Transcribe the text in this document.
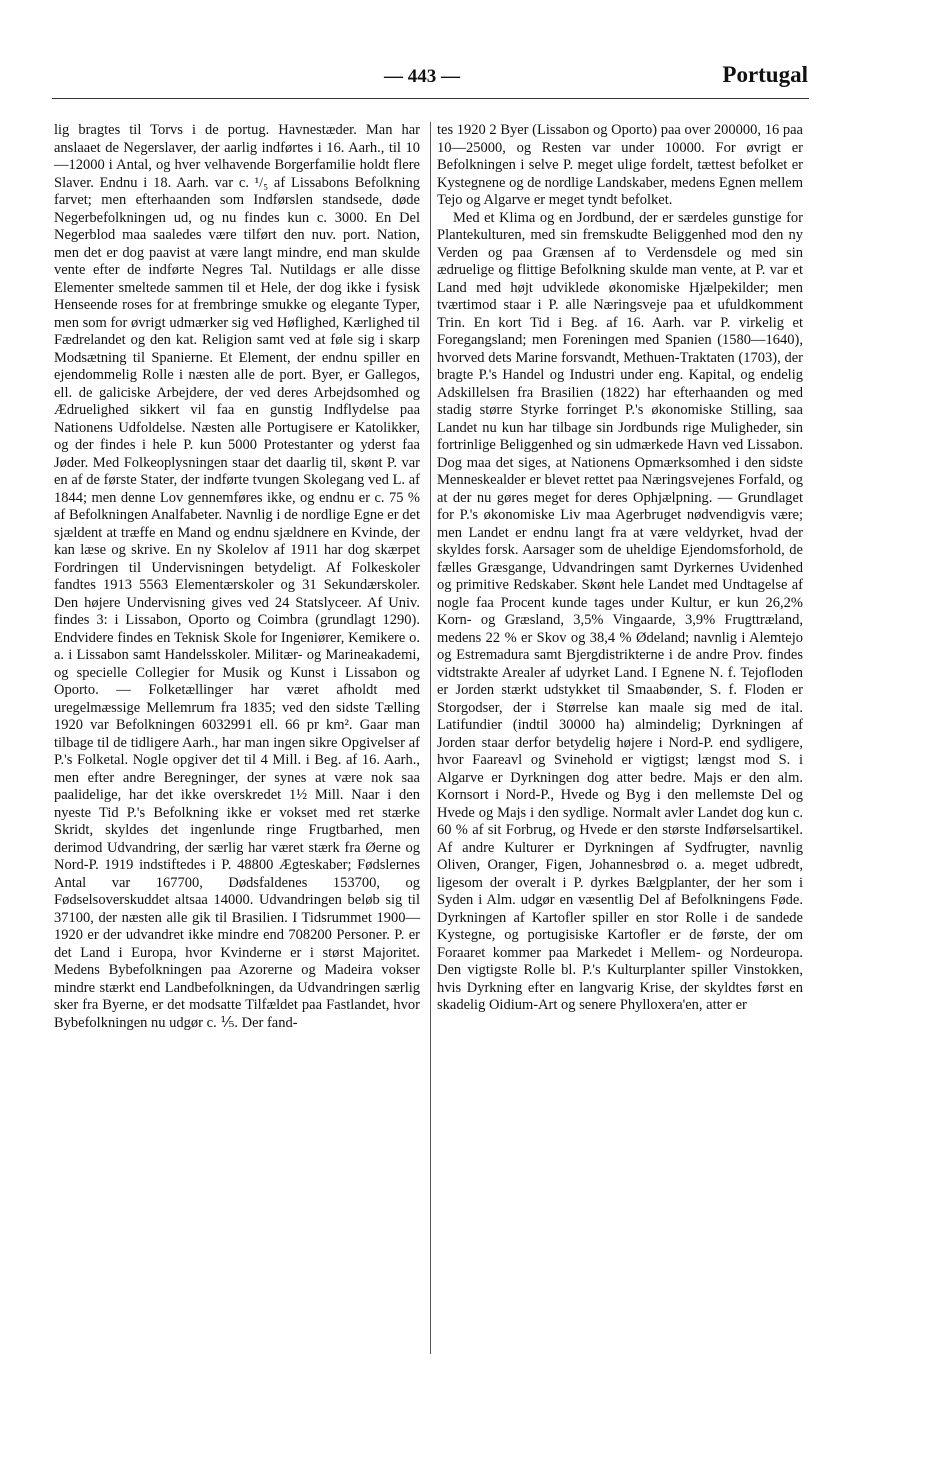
— 443 —	Portugal

lig bragtes til Torvs i de portug. Havnestæder. Man har anslaaet de Negerslaver, der aarlig indførtes i 16. Aarh., til 10—12000 i Antal, og hver velhavende Borgerfamilie holdt flere Slaver. Endnu i 18. Aarh. var c. ¹/₅ af Lissabons Befolkning farvet; men efterhaanden som Indførslen standsede, døde Negerbefolkningen ud, og nu findes kun c. 3000. En Del Negerblod maa saaledes være tilført den nuv. port. Nation, men det er dog paavist at være langt mindre, end man skulde vente efter de indførte Negres Tal. Nutildags er alle disse Elementer smeltede sammen til et Hele, der dog ikke i fysisk Henseende roses for at frembringe smukke og elegante Typer, men som for øvrigt udmærker sig ved Høflighed, Kærlighed til Fædrelandet og den kat. Religion samt ved at føle sig i skarp Modsætning til Spanierne. Et Element, der endnu spiller en ejendommelig Rolle i næsten alle de port. Byer, er Gallegos, ell. de galiciske Arbejdere, der ved deres Arbejdsomhed og Ædruelighed sikkert vil faa en gunstig Indflydelse paa Nationens Udfoldelse. Næsten alle Portugisere er Katolikker, og der findes i hele P. kun 5000 Protestanter og yderst faa Jøder. Med Folkeoplysningen staar det daarlig til, skønt P. var en af de første Stater, der indførte tvungen Skolegang ved L. af 1844; men denne Lov gennemføres ikke, og endnu er c. 75 % af Befolkningen Analfabeter. Navnlig i de nordlige Egne er det sjældent at træffe en Mand og endnu sjældnere en Kvinde, der kan læse og skrive. En ny Skolelov af 1911 har dog skærpet Fordringen til Undervisningen betydeligt. Af Folkeskoler fandtes 1913 5563 Elementærskoler og 31 Sekundærskoler. Den højere Undervisning gives ved 24 Statslyceer. Af Univ. findes 3: i Lissabon, Oporto og Coimbra (grundlagt 1290). Endvidere findes en Teknisk Skole for Ingeniører, Kemikere o. a. i Lissabon samt Handelsskoler. Militær- og Marineakademi, og specielle Collegier for Musik og Kunst i Lissabon og Oporto. — Folketællinger har været afholdt med uregelmæssige Mellemrum fra 1835; ved den sidste Tælling 1920 var Befolkningen 6032991 ell. 66 pr km². Gaar man tilbage til de tidligere Aarh., har man ingen sikre Opgivelser af P.'s Folketal. Nogle opgiver det til 4 Mill. i Beg. af 16. Aarh., men efter andre Beregninger, der synes at være nok saa paalidelige, har det ikke overskredet 1½ Mill. Naar i den nyeste Tid P.'s Befolkning ikke er vokset med ret stærke Skridt, skyldes det ingenlunde ringe Frugtbarhed, men derimod Udvandring, der særlig har været stærk fra Øerne og Nord-P. 1919 indstiftedes i P. 48800 Ægteskaber; Fødslernes Antal var 167700, Dødsfaldenes 153700, og Fødselsoverskuddet altsaa 14000. Udvandringen beløb sig til 37100, der næsten alle gik til Brasilien. I Tidsrummet 1900—1920 er der udvandret ikke mindre end 708200 Personer. P. er det Land i Europa, hvor Kvinderne er i størst Majoritet. Medens Bybefolkningen paa Azorerne og Madeira vokser mindre stærkt end Landbefolkningen, da Udvandringen særlig sker fra Byerne, er det modsatte Tilfældet paa Fastlandet, hvor Bybefolkningen nu udgør c. ⅕. Der fand-

tes 1920 2 Byer (Lissabon og Oporto) paa over 200000, 16 paa 10—25000, og Resten var under 10000. For øvrigt er Befolkningen i selve P. meget ulige fordelt, tættest befolket er Kystegnene og de nordlige Landskaber, medens Egnen mellem Tejo og Algarve er meget tyndt befolket.

Med et Klima og en Jordbund, der er særdeles gunstige for Plantekulturen, med sin fremskudte Beliggenhed mod den ny Verden og paa Grænsen af to Verdensdele og med sin ædruelige og flittige Befolkning skulde man vente, at P. var et Land med højt udviklede økonomiske Hjælpekilder; men tværtimod staar i P. alle Næringsveje paa et ufuldkomment Trin. En kort Tid i Beg. af 16. Aarh. var P. virkelig et Foregangsland; men Foreningen med Spanien (1580—1640), hvorved dets Marine forsvandt, Methuen-Traktaten (1703), der bragte P.'s Handel og Industri under eng. Kapital, og endelig Adskillelsen fra Brasilien (1822) har efterhaanden og med stadig større Styrke forringet P.'s økonomiske Stilling, saa Landet nu kun har tilbage sin Jordbunds rige Muligheder, sin fortrinlige Beliggenhed og sin udmærkede Havn ved Lissabon. Dog maa det siges, at Nationens Opmærksomhed i den sidste Menneskealder er blevet rettet paa Næringsvejenes Forfald, og at der nu gøres meget for deres Ophjælpning. — Grundlaget for P.'s økonomiske Liv maa Agerbruget nødvendigvis være; men Landet er endnu langt fra at være veldyrket, hvad der skyldes forsk. Aarsager som de uheldige Ejendomsforhold, de fælles Græsgange, Udvandringen samt Dyrkernes Uvidenhed og primitive Redskaber. Skønt hele Landet med Undtagelse af nogle faa Procent kunde tages under Kultur, er kun 26,2% Korn- og Græsland, 3,5% Vingaarde, 3,9% Frugttræland, medens 22 % er Skov og 38,4 % Ødeland; navnlig i Alemtejo og Estremadura samt Bjergdistrikterne i de andre Prov. findes vidtstrakte Arealer af udyrket Land. I Egnene N. f. Tejofloden er Jorden stærkt udstykket til Smaabønder, S. f. Floden er Storgodser, der i Størrelse kan maale sig med de ital. Latifundier (indtil 30000 ha) almindelig; Dyrkningen af Jorden staar derfor betydelig højere i Nord-P. end sydligere, hvor Faareavl og Svinehold er vigtigst; længst mod S. i Algarve er Dyrkningen dog atter bedre. Majs er den alm. Kornsort i Nord-P., Hvede og Byg i den mellemste Del og Hvede og Majs i den sydlige. Normalt avler Landet dog kun c. 60 % af sit Forbrug, og Hvede er den største Indførselsartikel. Af andre Kulturer er Dyrkningen af Sydfrugter, navnlig Oliven, Oranger, Figen, Johannesbrød o. a. meget udbredt, ligesom der overalt i P. dyrkes Bælgplanter, der her som i Syden i Alm. udgør en væsentlig Del af Befolkningens Føde. Dyrkningen af Kartofler spiller en stor Rolle i de sandede Kystegne, og portugisiske Kartofler er de første, der om Foraaret kommer paa Markedet i Mellem- og Nordeuropa. Den vigtigste Rolle bl. P.'s Kulturplanter spiller Vinstokken, hvis Dyrkning efter en langvarig Krise, der skyldtes først en skadelig Oidium-Art og senere Phylloxera'en, atter er
